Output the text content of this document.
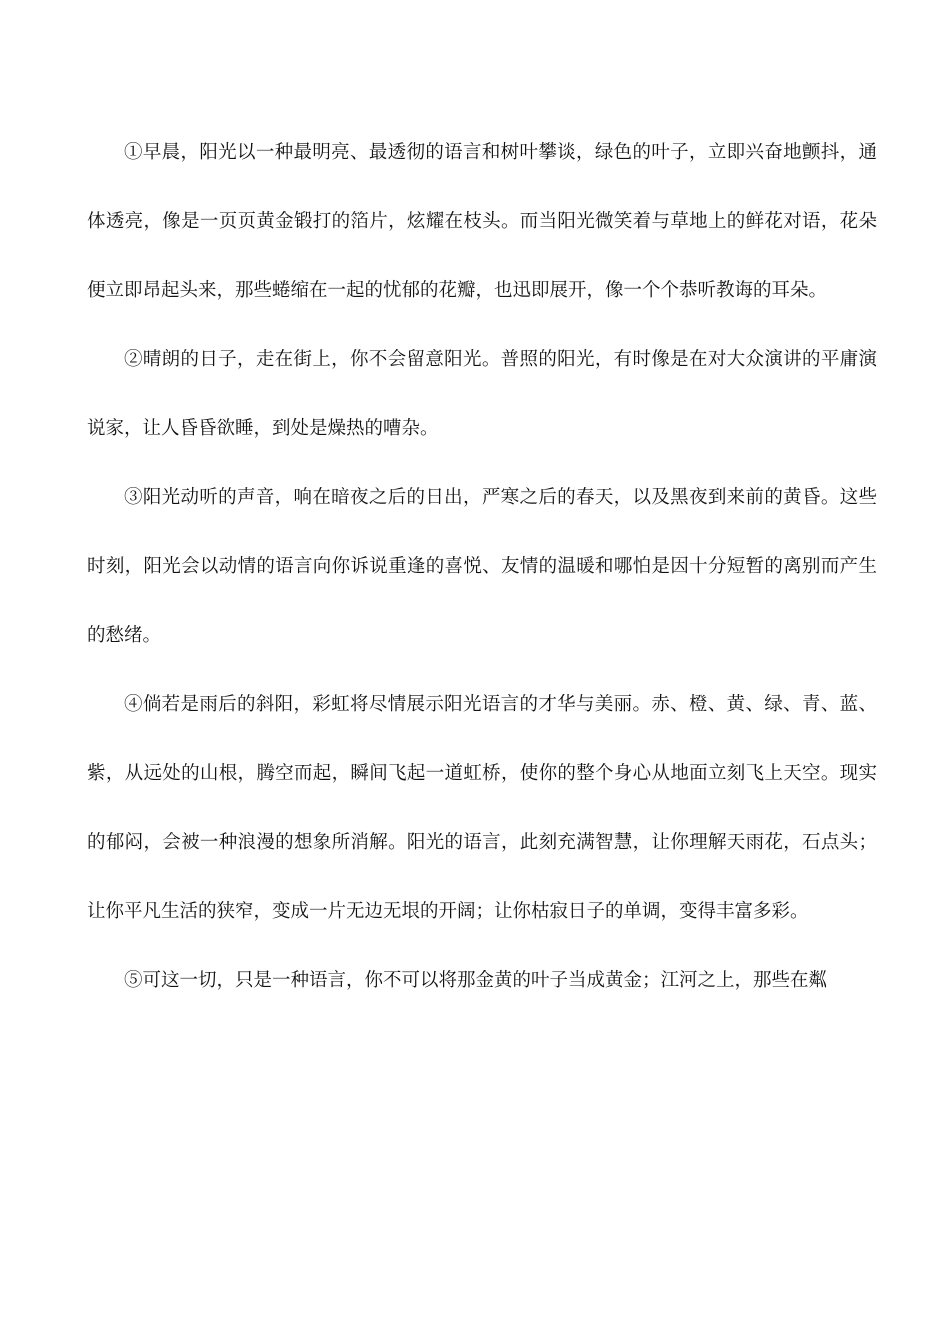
①早晨，阳光以一种最明亮、最透彻的语言和树叶攀谈，绿色的叶子，立即兴奋地颤抖，通体透亮，像是一页页黄金锻打的箔片，炫耀在枝头。而当阳光微笑着与草地上的鲜花对语，花朵便立即昂起头来，那些蜷缩在一起的忧郁的花瓣，也迅即展开，像一个个恭听教诲的耳朵。

②晴朗的日子，走在街上，你不会留意阳光。普照的阳光，有时像是在对大众演讲的平庸演说家，让人昏昏欲睡，到处是燥热的嘈杂。

③阳光动听的声音，响在暗夜之后的日出，严寒之后的春天，以及黑夜到来前的黄昏。这些时刻，阳光会以动情的语言向你诉说重逢的喜悦、友情的温暖和哪怕是因十分短暂的离别而产生的愁绪。

④倘若是雨后的斜阳，彩虹将尽情展示阳光语言的才华与美丽。赤、橙、黄、绿、青、蓝、紫，从远处的山根，腾空而起，瞬间飞起一道虹桥，使你的整个身心从地面立刻飞上天空。现实的郁闷，会被一种浪漫的想象所消解。阳光的语言，此刻充满智慧，让你理解天雨花，石点头；让你平凡生活的狭窄，变成一片无边无垠的开阔；让你枯寂日子的单调，变得丰富多彩。

⑤可这一切，只是一种语言，你不可以将那金黄的叶子当成黄金；江河之上，那些在粼
